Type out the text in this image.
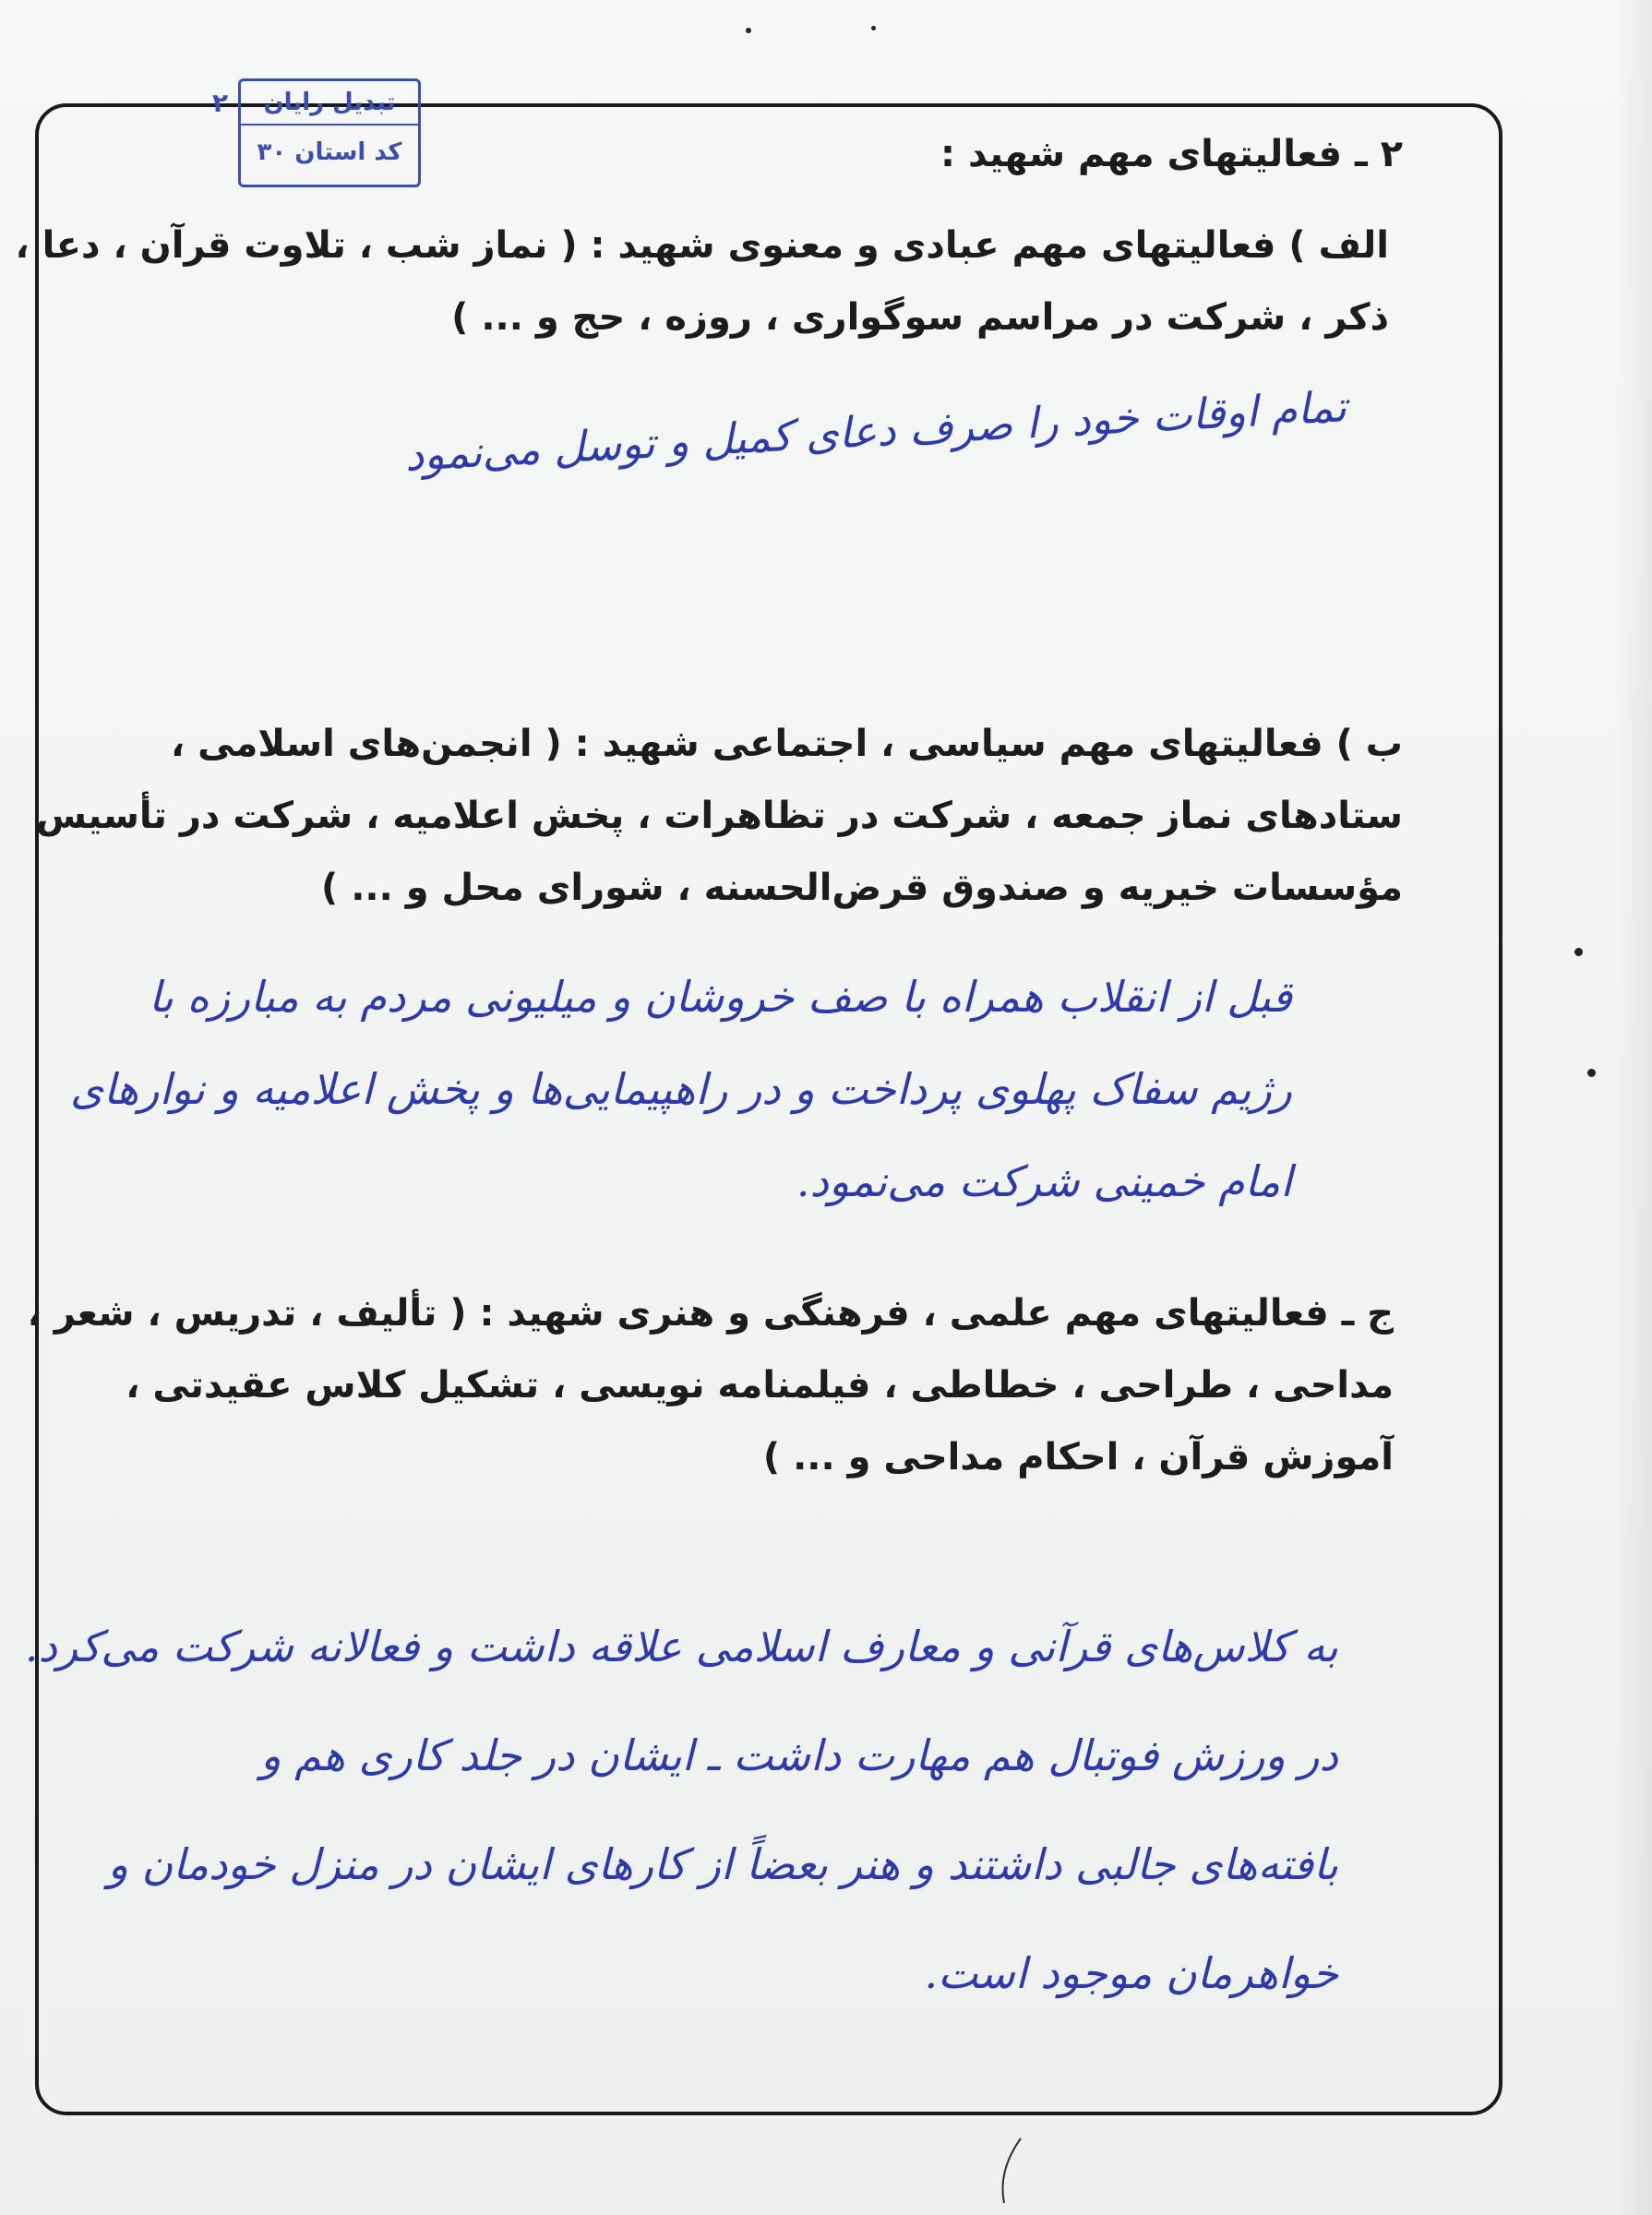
تبدیل رایان
کد استان ۳۰
۲
۲ ـ فعالیتهای مهم شهید :
الف ) فعالیتهای مهم عبادی و معنوی شهید : ( نماز شب ، تلاوت قرآن ، دعا ،
ذکر ، شرکت در مراسم سوگواری ، روزه ، حج و ... )
تمام اوقات خود را صرف دعای کمیل و توسل می‌نمود
ب ) فعالیتهای مهم سیاسی ، اجتماعی شهید : ( انجمن‌های اسلامی ،
ستادهای نماز جمعه ، شرکت در تظاهرات ، پخش اعلامیه ، شرکت در تأسیس
مؤسسات خیریه و صندوق قرض‌الحسنه ، شورای محل و ... )
قبل از انقلاب همراه با صف خروشان و میلیونی مردم به مبارزه با
رژیم سفاک پهلوی پرداخت و در راهپیمایی‌ها و پخش اعلامیه و نوارهای
امام خمینی شرکت می‌نمود.
ج ـ فعالیتهای مهم علمی ، فرهنگی و هنری شهید : ( تألیف ، تدریس ، شعر ،
مداحی ، طراحی ، خطاطی ، فیلمنامه نویسی ، تشکیل کلاس عقیدتی ،
آموزش قرآن ، احکام مداحی و ... )
به کلاس‌های قرآنی و معارف اسلامی علاقه داشت و فعالانه شرکت می‌کرد.
در ورزش فوتبال هم مهارت داشت ـ ایشان در جلد کاری هم و
بافته‌های جالبی داشتند و هنر بعضاً از کارهای ایشان در منزل خودمان و
خواهرمان موجود است.
